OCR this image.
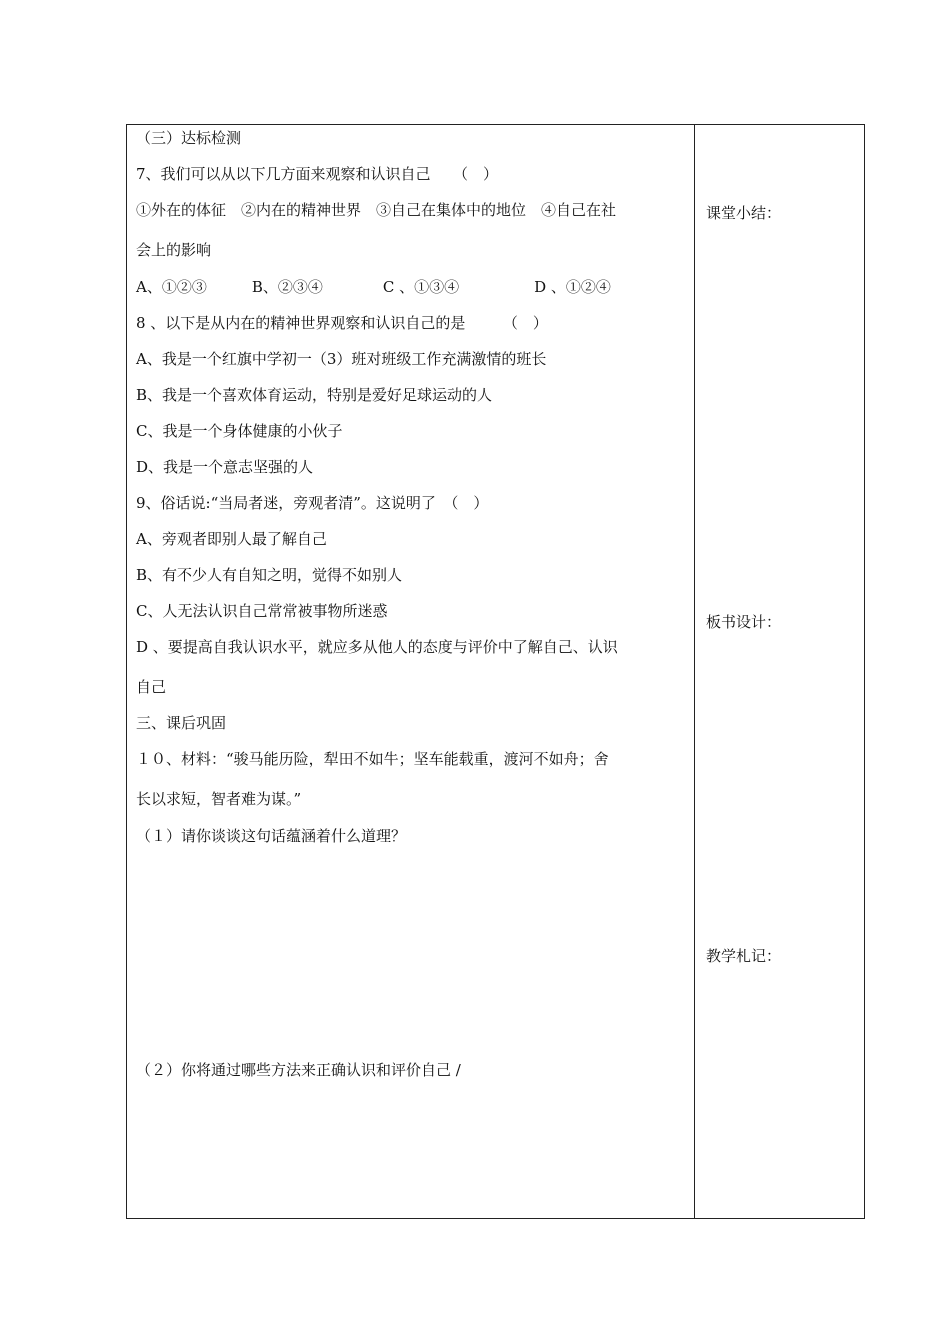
（三）达标检测
7、我们可以从以下几方面来观察和认识自己　　（　）
①外在的体征　②内在的精神世界　③自己在集体中的地位　④自己在社
会上的影响
A、①②③　　　B、②③④　　　　C 、①③④　　　　　D 、①②④
8 、以下是从内在的精神世界观察和认识自己的是　　　（　）
A、我是一个红旗中学初一（3）班对班级工作充满激情的班长
B、我是一个喜欢体育运动，特别是爱好足球运动的人
C、我是一个身体健康的小伙子
D、我是一个意志坚强的人
9、俗话说:“当局者迷，旁观者清”。这说明了　（　）
A、旁观者即别人最了解自己
B、有不少人有自知之明，觉得不如别人
C、人无法认识自己常常被事物所迷惑
D 、要提高自我认识水平，就应多从他人的态度与评价中了解自己、认识
自己
三、课后巩固
１０、材料：“骏马能历险，犁田不如牛；坚车能载重，渡河不如舟；舍
长以求短，智者难为谋。”
（１）请你谈谈这句话蕴涵着什么道理？
（２）你将通过哪些方法来正确认识和评价自己 /
课堂小结：
板书设计：
教学札记：
